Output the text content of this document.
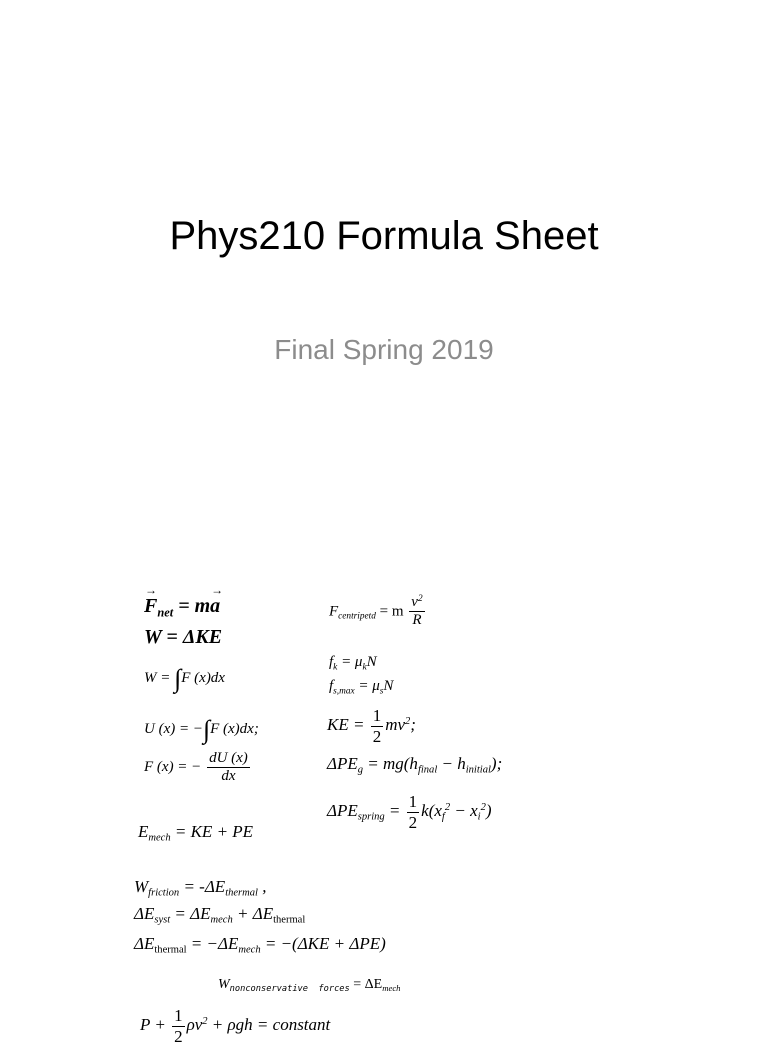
Phys210 Formula Sheet
Final Spring 2019
→ $F_{net} = m\to a$
W = ΔKE
$F_{centripetd} = m \frac{v^2}{R}$
W = ∫F (x)dx
$f_k = \mu_kN$
$f_{s,max} = \mu_sN$
U (x) = −∫F (x)dx;	KE = $\frac{1}{2} mv^2$;
F (x) = − $\frac{dU (x)}{dx}$	$\Delta PE_g = mg(h_{final} - h_{initial})$;
$\Delta PE_{spring} = \frac{1}{2} k(x_f^2 - x_i^2)$
$E_{mech}$ = KE + PE
$W_{friction} = -\Delta E_{thermal}$ ,
$\Delta E_{syst} = \Delta E_{mech} + \Delta E_{thermal}$
$\Delta E_{thermal} = -\Delta E_{mech} = -(\Delta KE + \Delta PE)$
$W_{nonconservative forces} = \Delta E_{mech}$
$P + \frac{1}{2} \rho v^2 + \rho gh$ = constant
